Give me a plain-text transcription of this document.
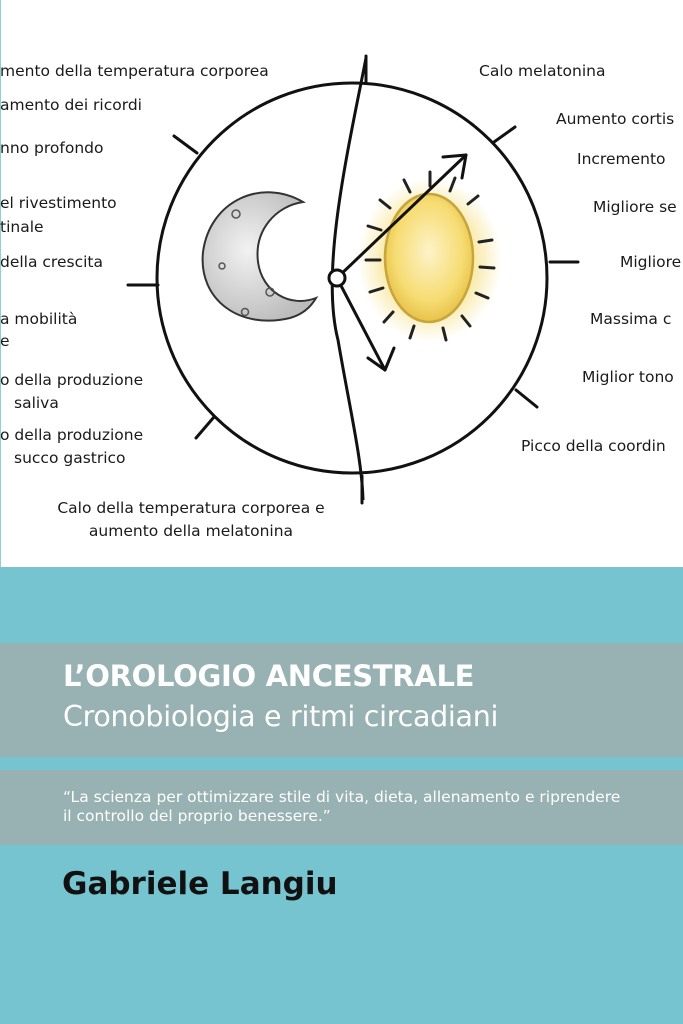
mento della temperatura corporea
amento dei ricordi
nno profondo
el rivestimento
tinale
della crescita
a mobilità
e
o della produzione
saliva
o della produzione
succo gastrico
Calo melatonina
Aumento cortis
Incremento
Migliore se
Migliore
Massima c
Miglior tono
Picco della coordin
Calo della temperatura corporea e
aumento della melatonina
L’OROLOGIO ANCESTRALE
Cronobiologia e ritmi circadiani

“La scienza per ottimizzare stile di vita, dieta, allenamento e riprendere il controllo del proprio benessere.”

Gabriele Langiu
